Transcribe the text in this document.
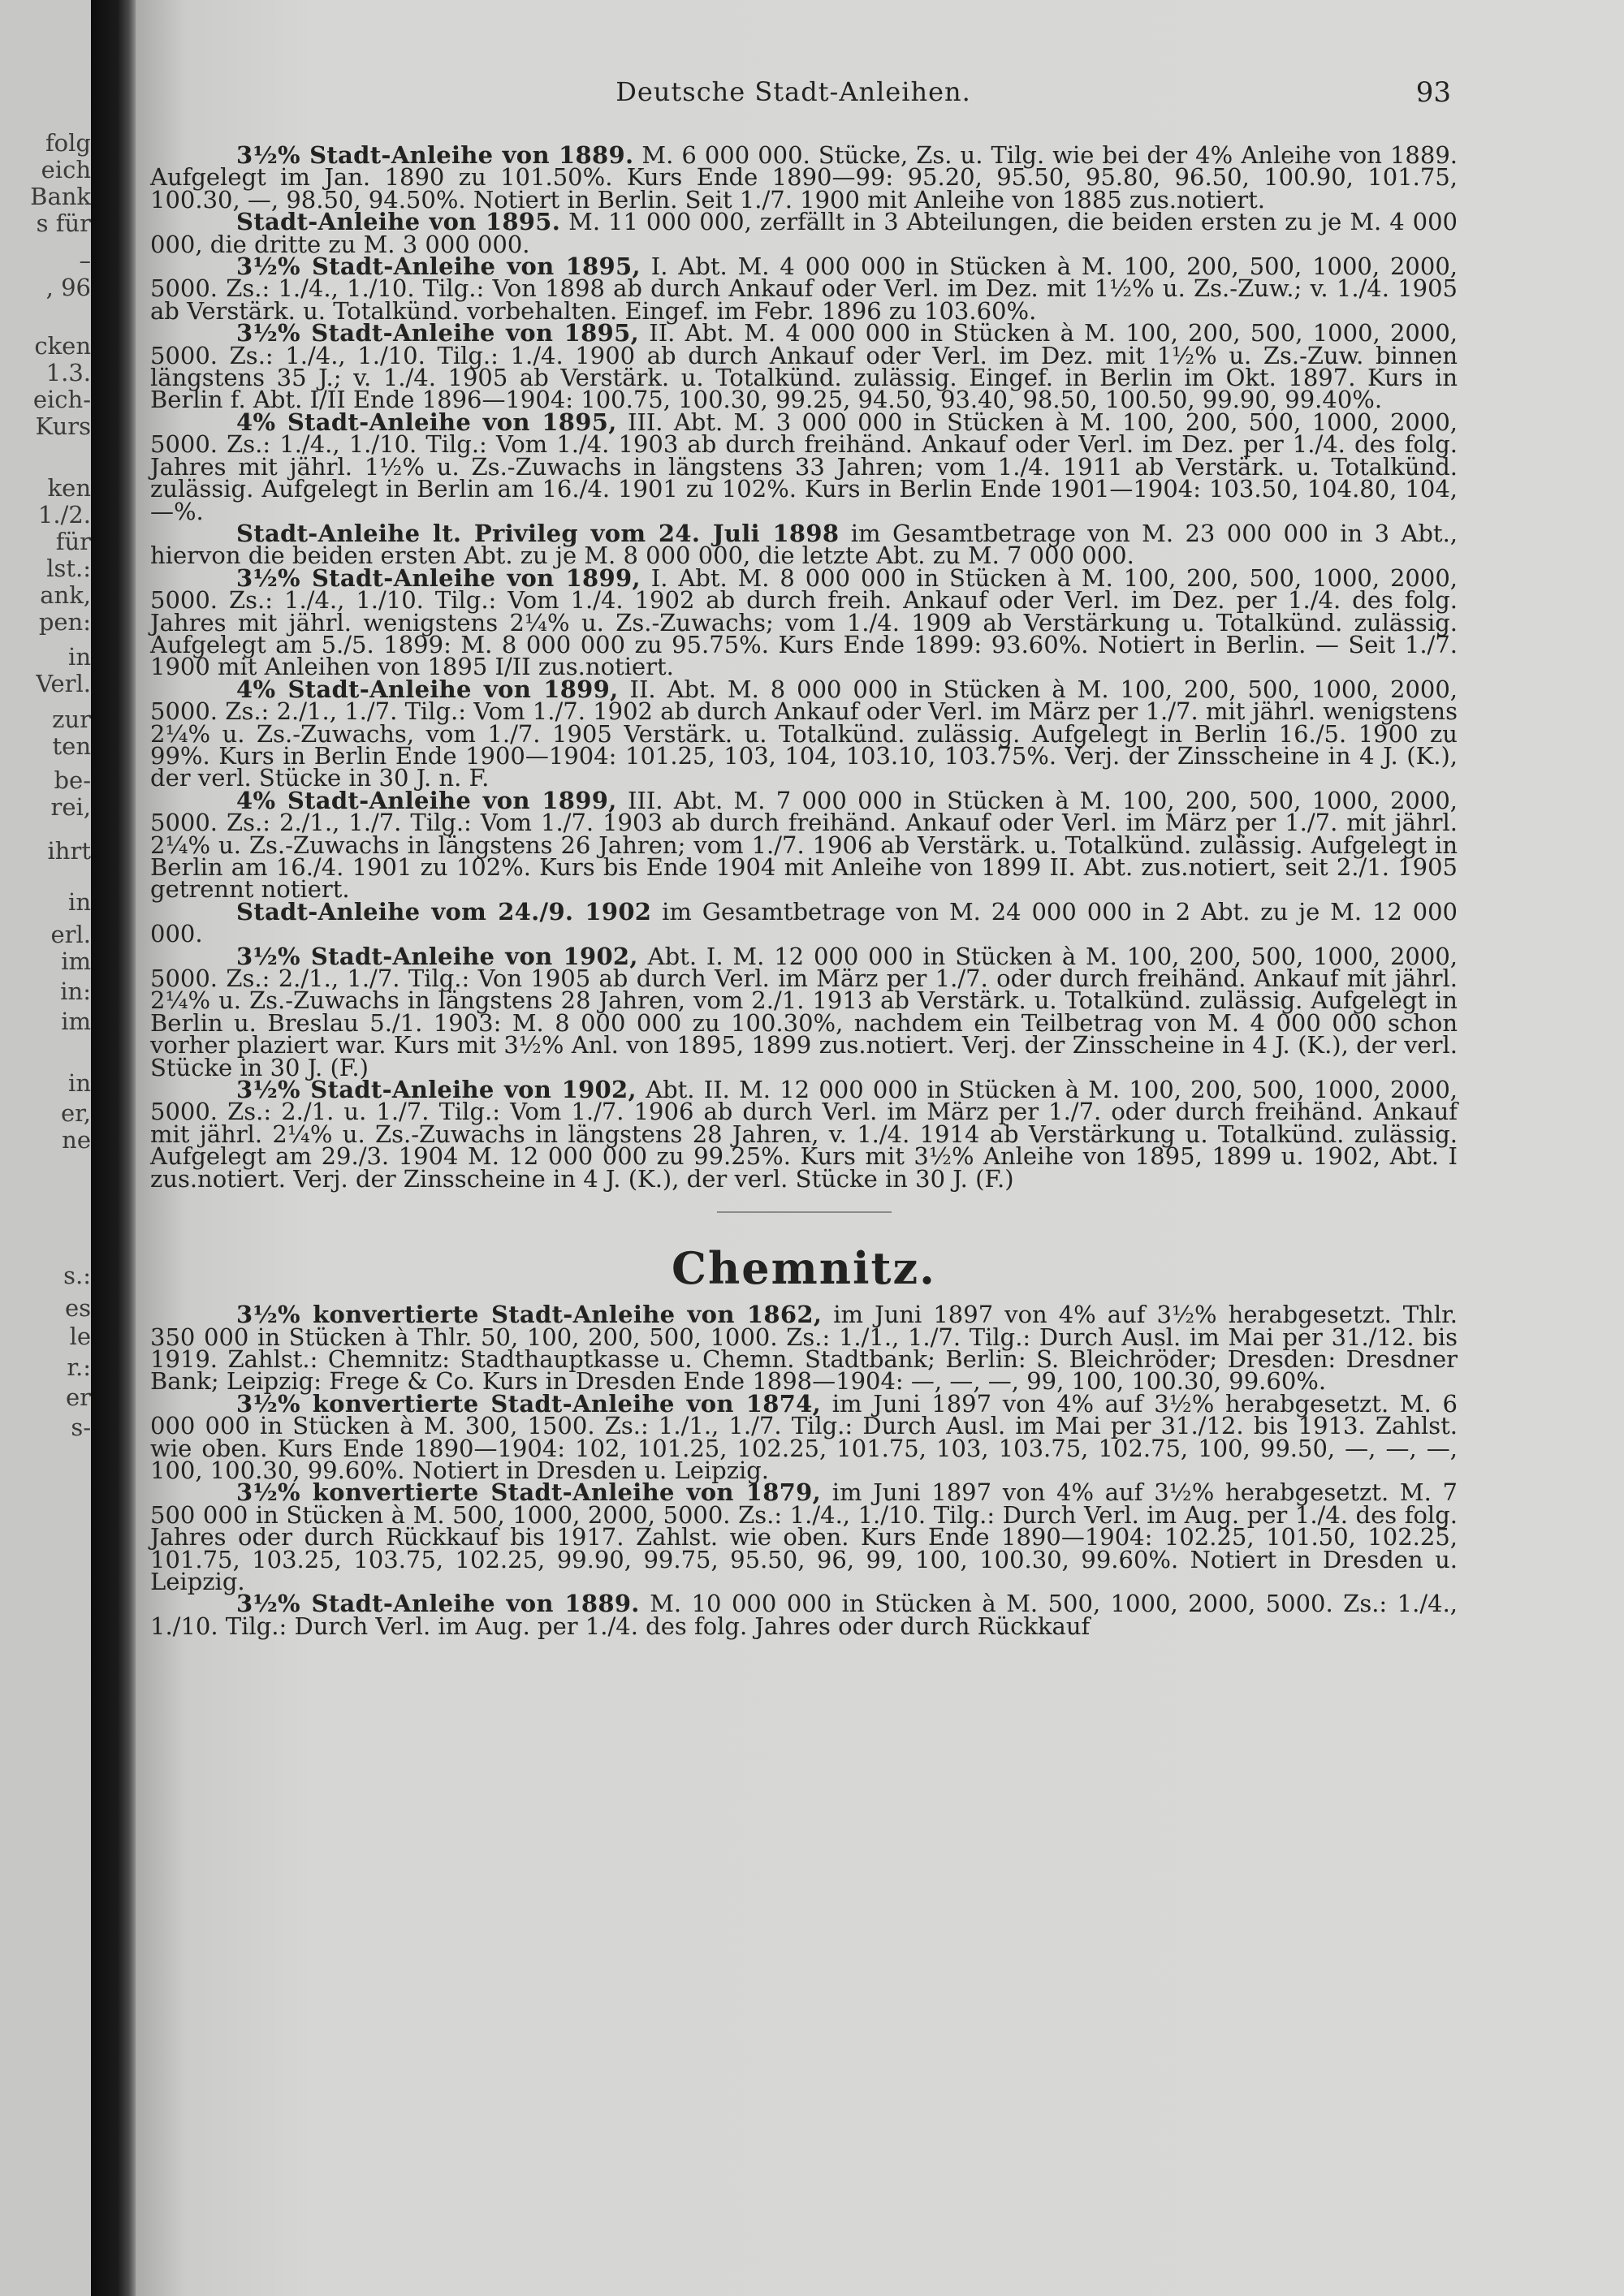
folg
eich
Bank
s für
–
, 96
cken
1.3.
eich-
Kurs
ken
1./2.
für
lst.:
ank,
pen:
in
Verl.
zur
ten
be-
rei,
ihrt
in
erl.
im
in:
im
in
er,
ne
s.:
es
le
r.:
er
s-
Deutsche Stadt-Anleihen.	93

3½% Stadt-Anleihe von 1889. M. 6 000 000. Stücke, Zs. u. Tilg. wie bei der 4% Anleihe von 1889. Aufgelegt im Jan. 1890 zu 101.50%. Kurs Ende 1890—99: 95.20, 95.50, 95.80, 96.50, 100.90, 101.75, 100.30, —, 98.50, 94.50%. Notiert in Berlin. Seit 1./7. 1900 mit Anleihe von 1885 zus.notiert.

Stadt-Anleihe von 1895. M. 11 000 000, zerfällt in 3 Abteilungen, die beiden ersten zu je M. 4 000 000, die dritte zu M. 3 000 000.

3½% Stadt-Anleihe von 1895, I. Abt. M. 4 000 000 in Stücken à M. 100, 200, 500, 1000, 2000, 5000. Zs.: 1./4., 1./10. Tilg.: Von 1898 ab durch Ankauf oder Verl. im Dez. mit 1½% u. Zs.-Zuw.; v. 1./4. 1905 ab Verstärk. u. Totalkünd. vorbehalten. Eingef. im Febr. 1896 zu 103.60%.

3½% Stadt-Anleihe von 1895, II. Abt. M. 4 000 000 in Stücken à M. 100, 200, 500, 1000, 2000, 5000. Zs.: 1./4., 1./10. Tilg.: 1./4. 1900 ab durch Ankauf oder Verl. im Dez. mit 1½% u. Zs.-Zuw. binnen längstens 35 J.; v. 1./4. 1905 ab Verstärk. u. Totalkünd. zulässig. Eingef. in Berlin im Okt. 1897. Kurs in Berlin f. Abt. I/II Ende 1896—1904: 100.75, 100.30, 99.25, 94.50, 93.40, 98.50, 100.50, 99.90, 99.40%.

4% Stadt-Anleihe von 1895, III. Abt. M. 3 000 000 in Stücken à M. 100, 200, 500, 1000, 2000, 5000. Zs.: 1./4., 1./10. Tilg.: Vom 1./4. 1903 ab durch freihänd. Ankauf oder Verl. im Dez. per 1./4. des folg. Jahres mit jährl. 1½% u. Zs.-Zuwachs in längstens 33 Jahren; vom 1./4. 1911 ab Verstärk. u. Totalkünd. zulässig. Aufgelegt in Berlin am 16./4. 1901 zu 102%. Kurs in Berlin Ende 1901—1904: 103.50, 104.80, 104, —%.

Stadt-Anleihe lt. Privileg vom 24. Juli 1898 im Gesamtbetrage von M. 23 000 000 in 3 Abt., hiervon die beiden ersten Abt. zu je M. 8 000 000, die letzte Abt. zu M. 7 000 000.

3½% Stadt-Anleihe von 1899, I. Abt. M. 8 000 000 in Stücken à M. 100, 200, 500, 1000, 2000, 5000. Zs.: 1./4., 1./10. Tilg.: Vom 1./4. 1902 ab durch freih. Ankauf oder Verl. im Dez. per 1./4. des folg. Jahres mit jährl. wenigstens 2¼% u. Zs.-Zuwachs; vom 1./4. 1909 ab Verstärkung u. Totalkünd. zulässig. Aufgelegt am 5./5. 1899: M. 8 000 000 zu 95.75%. Kurs Ende 1899: 93.60%. Notiert in Berlin. — Seit 1./7. 1900 mit Anleihen von 1895 I/II zus.notiert.

4% Stadt-Anleihe von 1899, II. Abt. M. 8 000 000 in Stücken à M. 100, 200, 500, 1000, 2000, 5000. Zs.: 2./1., 1./7. Tilg.: Vom 1./7. 1902 ab durch Ankauf oder Verl. im März per 1./7. mit jährl. wenigstens 2¼% u. Zs.-Zuwachs, vom 1./7. 1905 Verstärk. u. Totalkünd. zulässig. Aufgelegt in Berlin 16./5. 1900 zu 99%. Kurs in Berlin Ende 1900—1904: 101.25, 103, 104, 103.10, 103.75%. Verj. der Zinsscheine in 4 J. (K.), der verl. Stücke in 30 J. n. F.

4% Stadt-Anleihe von 1899, III. Abt. M. 7 000 000 in Stücken à M. 100, 200, 500, 1000, 2000, 5000. Zs.: 2./1., 1./7. Tilg.: Vom 1./7. 1903 ab durch freihänd. Ankauf oder Verl. im März per 1./7. mit jährl. 2¼% u. Zs.-Zuwachs in längstens 26 Jahren; vom 1./7. 1906 ab Verstärk. u. Totalkünd. zulässig. Aufgelegt in Berlin am 16./4. 1901 zu 102%. Kurs bis Ende 1904 mit Anleihe von 1899 II. Abt. zus.notiert, seit 2./1. 1905 getrennt notiert.

Stadt-Anleihe vom 24./9. 1902 im Gesamtbetrage von M. 24 000 000 in 2 Abt. zu je M. 12 000 000.

3½% Stadt-Anleihe von 1902, Abt. I. M. 12 000 000 in Stücken à M. 100, 200, 500, 1000, 2000, 5000. Zs.: 2./1., 1./7. Tilg.: Von 1905 ab durch Verl. im März per 1./7. oder durch freihänd. Ankauf mit jährl. 2¼% u. Zs.-Zuwachs in längstens 28 Jahren, vom 2./1. 1913 ab Verstärk. u. Totalkünd. zulässig. Aufgelegt in Berlin u. Breslau 5./1. 1903: M. 8 000 000 zu 100.30%, nachdem ein Teilbetrag von M. 4 000 000 schon vorher plaziert war. Kurs mit 3½% Anl. von 1895, 1899 zus.notiert. Verj. der Zinsscheine in 4 J. (K.), der verl. Stücke in 30 J. (F.)

3½% Stadt-Anleihe von 1902, Abt. II. M. 12 000 000 in Stücken à M. 100, 200, 500, 1000, 2000, 5000. Zs.: 2./1. u. 1./7. Tilg.: Vom 1./7. 1906 ab durch Verl. im März per 1./7. oder durch freihänd. Ankauf mit jährl. 2¼% u. Zs.-Zuwachs in längstens 28 Jahren, v. 1./4. 1914 ab Verstärkung u. Totalkünd. zulässig. Aufgelegt am 29./3. 1904 M. 12 000 000 zu 99.25%. Kurs mit 3½% Anleihe von 1895, 1899 u. 1902, Abt. I zus.notiert. Verj. der Zinsscheine in 4 J. (K.), der verl. Stücke in 30 J. (F.)

Chemnitz.

3½% konvertierte Stadt-Anleihe von 1862, im Juni 1897 von 4% auf 3½% herabgesetzt. Thlr. 350 000 in Stücken à Thlr. 50, 100, 200, 500, 1000. Zs.: 1./1., 1./7. Tilg.: Durch Ausl. im Mai per 31./12. bis 1919. Zahlst.: Chemnitz: Stadthauptkasse u. Chemn. Stadtbank; Berlin: S. Bleichröder; Dresden: Dresdner Bank; Leipzig: Frege & Co. Kurs in Dresden Ende 1898—1904: —, —, —, 99, 100, 100.30, 99.60%.

3½% konvertierte Stadt-Anleihe von 1874, im Juni 1897 von 4% auf 3½% herabgesetzt. M. 6 000 000 in Stücken à M. 300, 1500. Zs.: 1./1., 1./7. Tilg.: Durch Ausl. im Mai per 31./12. bis 1913. Zahlst. wie oben. Kurs Ende 1890—1904: 102, 101.25, 102.25, 101.75, 103, 103.75, 102.75, 100, 99.50, —, —, —, 100, 100.30, 99.60%. Notiert in Dresden u. Leipzig.

3½% konvertierte Stadt-Anleihe von 1879, im Juni 1897 von 4% auf 3½% herabgesetzt. M. 7 500 000 in Stücken à M. 500, 1000, 2000, 5000. Zs.: 1./4., 1./10. Tilg.: Durch Verl. im Aug. per 1./4. des folg. Jahres oder durch Rückkauf bis 1917. Zahlst. wie oben. Kurs Ende 1890—1904: 102.25, 101.50, 102.25, 101.75, 103.25, 103.75, 102.25, 99.90, 99.75, 95.50, 96, 99, 100, 100.30, 99.60%. Notiert in Dresden u. Leipzig.

3½% Stadt-Anleihe von 1889. M. 10 000 000 in Stücken à M. 500, 1000, 2000, 5000. Zs.: 1./4., 1./10. Tilg.: Durch Verl. im Aug. per 1./4. des folg. Jahres oder durch Rückkauf
